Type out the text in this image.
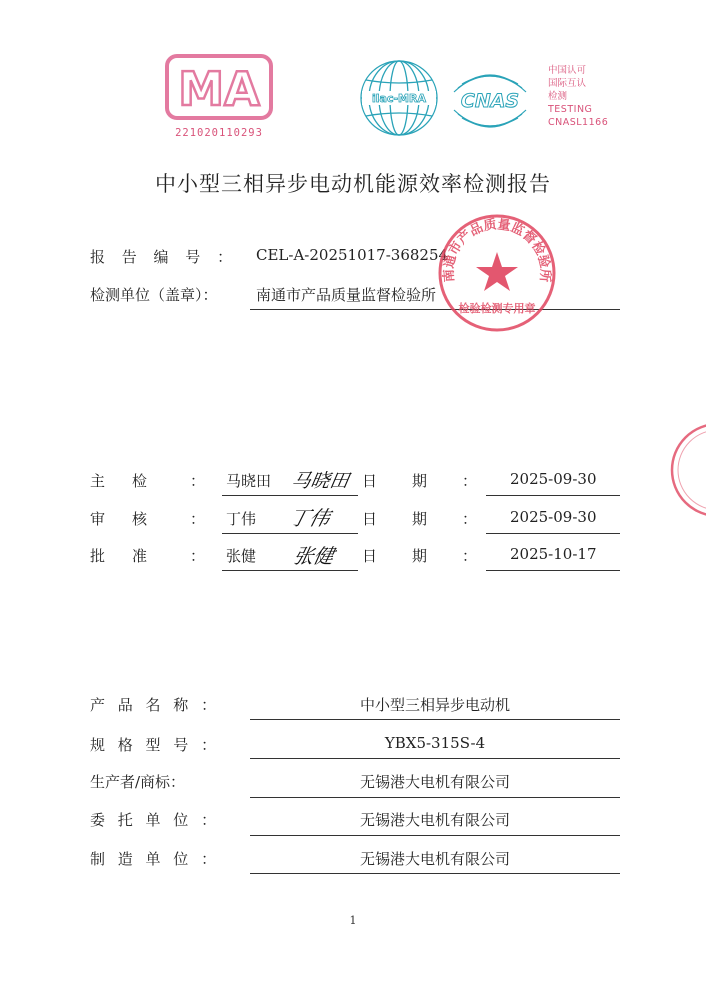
MA
221020110293
ilac-MRA CNAS
中国认可
国际互认
检测
TESTING
CNASL1166
中小型三相异步电动机能源效率检测报告
报 告 编 号 ： CEL-A-20251017-368254
检测单位（盖章）：	南通市产品质量监督检验所
南通市产品质量监督检验所
检验检测专用章
主 检	： 马晓田 马晓田 日 期 ： 2025-09-30
审 核	： 丁伟 丁伟 日 期 ： 2025-09-30
批 准	： 张健 张健 日 期 ： 2025-10-17
产 品 名 称 ：	中小型三相异步电动机
规 格 型 号 ：	YBX5-315S-4
生产者/商标：	无锡港大电机有限公司
委 托 单 位 ：	无锡港大电机有限公司
制 造 单 位 ：	无锡港大电机有限公司
1
